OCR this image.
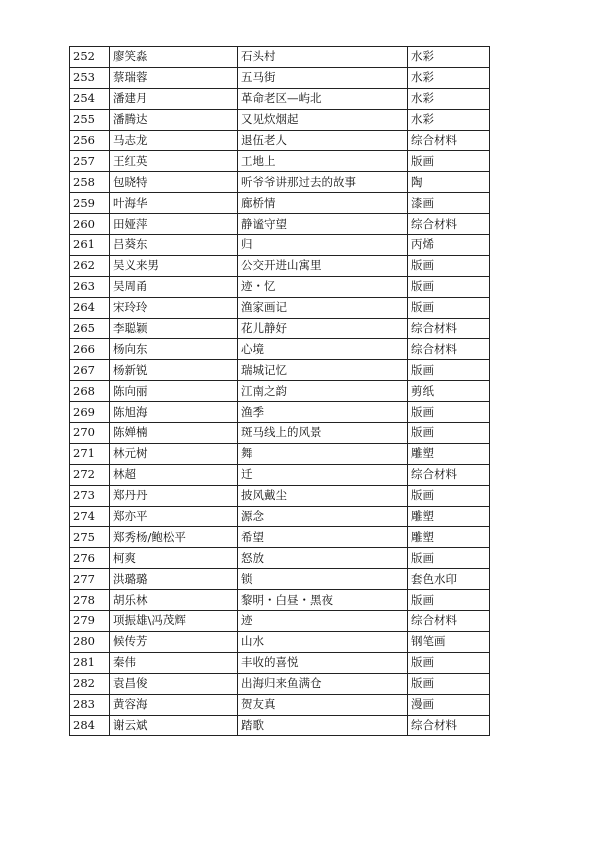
252	廖笑淼	石头村	水彩
253	蔡瑞蓉	五马街	水彩
254	潘建月	革命老区—屿北	水彩
255	潘腾达	又见炊烟起	水彩
256	马志龙	退伍老人	综合材料
257	王红英	工地上	版画
258	包晓特	听爷爷讲那过去的故事	陶
259	叶海华	廊桥情	漆画
260	田娅萍	静谧守望	综合材料
261	吕葵东	归	丙烯
262	吴义来男	公交开进山寓里	版画
263	吴周甬	迹・忆	版画
264	宋玲玲	渔家画记	版画
265	李聪颖	花儿静好	综合材料
266	杨向东	心境	综合材料
267	杨新锐	瑞城记忆	版画
268	陈向丽	江南之韵	剪纸
269	陈旭海	渔季	版画
270	陈婵楠	斑马线上的风景	版画
271	林元树	舞	雕塑
272	林超	迁	综合材料
273	郑丹丹	披风戴尘	版画
274	郑亦平	源念	雕塑
275	郑秀杨/鲍松平	希望	雕塑
276	柯爽	怒放	版画
277	洪璐璐	锁	套色水印
278	胡乐林	黎明・白昼・黑夜	版画
279	项振雄\冯茂辉	迹	综合材料
280	候传芳	山水	钢笔画
281	秦伟	丰收的喜悦	版画
282	袁昌俊	出海归来鱼满仓	版画
283	黄容海	贺友真	漫画
284	谢云斌	踏歌	综合材料
